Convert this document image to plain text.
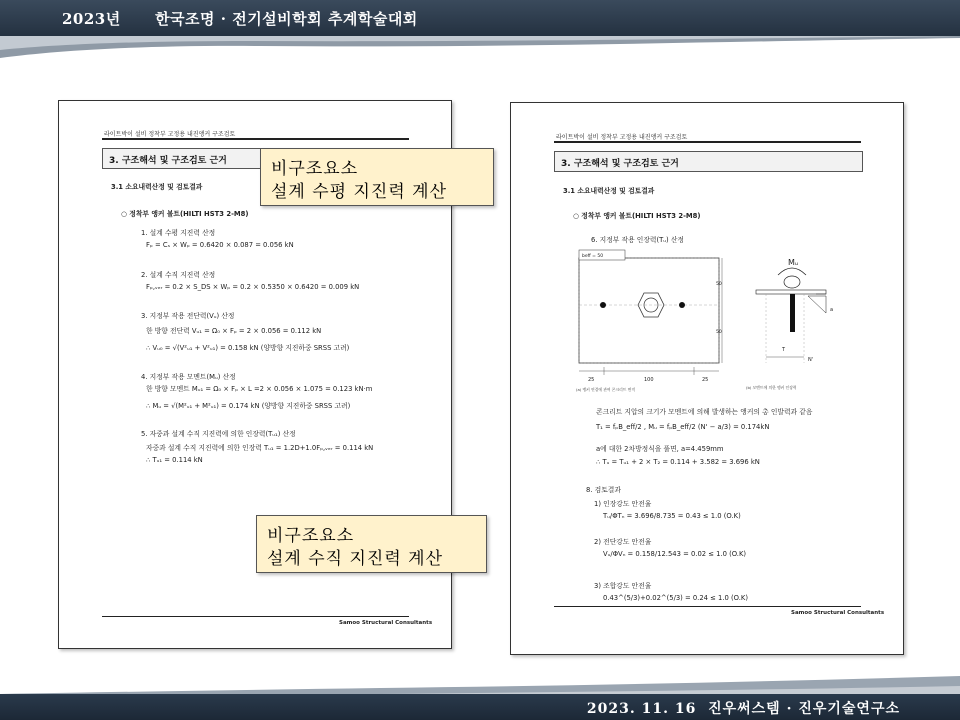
2023년      한국조명 · 전기설비학회 추계학술대회
라이트박이 설비 정착부 고정용 내진앵커 구조검토
3. 구조해석 및 구조검토 근거
3.1 소요내력산정 및 검토결과
○ 정착부 앵커 볼트(HILTI HST3 2-M8)
1. 설계 수평 지진력 산정
Fₚ = Cₛ × Wₚ = 0.6420 × 0.087 = 0.056 kN
2. 설계 수직 지진력 산정
Fₚ,ᵥₑᵣ = 0.2 × S_DS × Wₚ = 0.2 × 0.5350 × 0.6420 = 0.009 kN
3. 지정부 작용 전단력(Vᵤ) 산정
한 방향 전단력 Vᵤ₁ = Ω₀ × Fₚ = 2 × 0.056 = 0.112 kN
∴ Vᵤ₀ = √(V²ᵤ₁ + V²ᵤ₁) = 0.158 kN (양방향 지진하중 SRSS 고려)
4. 지정부 작용 모멘트(Mᵤ) 산정
한 방향 모멘트 Mᵤ₁ = Ω₀ × Fₚ × L =2 × 0.056 × 1.075 = 0.123 kN·m
∴ Mᵤ = √(M²ᵤ₁ + M²ᵤ₁) = 0.174 kN (양방향 지진하중 SRSS 고려)
5. 자중과 설계 수직 지진력에 의한 인장력(Tᵤ₁) 산정
자중과 설계 수직 지진력에 의한 인장력 Tᵤ₁ = 1.2D+1.0Fₚ,ᵥₑᵣ = 0.114 kN
∴ Tᵤ₁ = 0.114 kN
Samoo Structural Consultants
라이트박이 설비 정착부 고정용 내진앵커 구조검토
3. 구조해석 및 구조검토 근거
3.1 소요내력산정 및 검토결과
○ 정착부 앵커 볼트(HILTI HST3 2-M8)
6. 지정부 작용 인장력(Tᵤ) 산정
beff = 50
25	100	25
50
50
(a) 앵커 연결에 관여 콘크리트 면적
Mᵤ
T
N'
a
(b) 모멘트에 의한 앵커 인장력
콘크리트 지압의 크기가 모멘트에 의해 발생하는 앵커의 총 인발력과 같음
T₁ = fₚB_eff/2 , Mᵤ = fₚB_eff/2 (N' − a/3) = 0.174kN
a에 대한 2차방정식을 풀면, a=4.459mm
∴ Tᵤ = Tᵤ₁ + 2 × T₂ = 0.114 + 3.582 = 3.696 kN
8. 검토결과
1) 인장강도 안전율
Tᵤ/ΦTₙ = 3.696/8.735 = 0.43 ≤ 1.0 (O.K)
2) 전단강도 안전율
Vᵤ/ΦVₙ = 0.158/12.543 = 0.02 ≤ 1.0 (O.K)
3) 조합강도 안전율
0.43^(5/3)+0.02^(5/3) = 0.24 ≤ 1.0 (O.K)
Samoo Structural Consultants
비구조요소
설계 수평 지진력 계산
비구조요소
설계 수직 지진력 계산
2023. 11. 16  진우써스템 · 진우기술연구소
